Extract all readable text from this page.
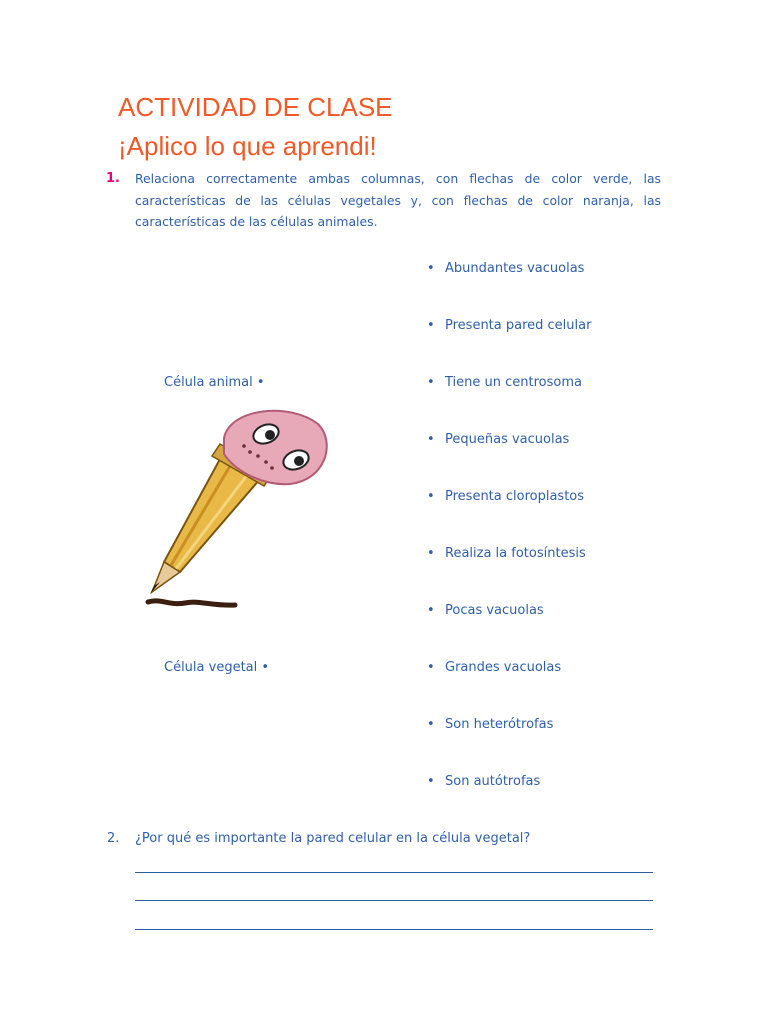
ACTIVIDAD DE CLASE
¡Aplico lo que aprendi!
1. Relaciona correctamente ambas columnas, con flechas de color verde, las características de las células vegetales y, con flechas de color naranja, las características de las células animales.
Célula animal •
Célula vegetal •
• Abundantes vacuolas
• Presenta pared celular
• Tiene un centrosoma
• Pequeñas vacuolas
• Presenta cloroplastos
• Realiza la fotosíntesis
• Pocas vacuolas
• Grandes vacuolas
• Son heterótrofas
• Son autótrofas
2. ¿Por qué es importante la pared celular en la célula vegetal?
